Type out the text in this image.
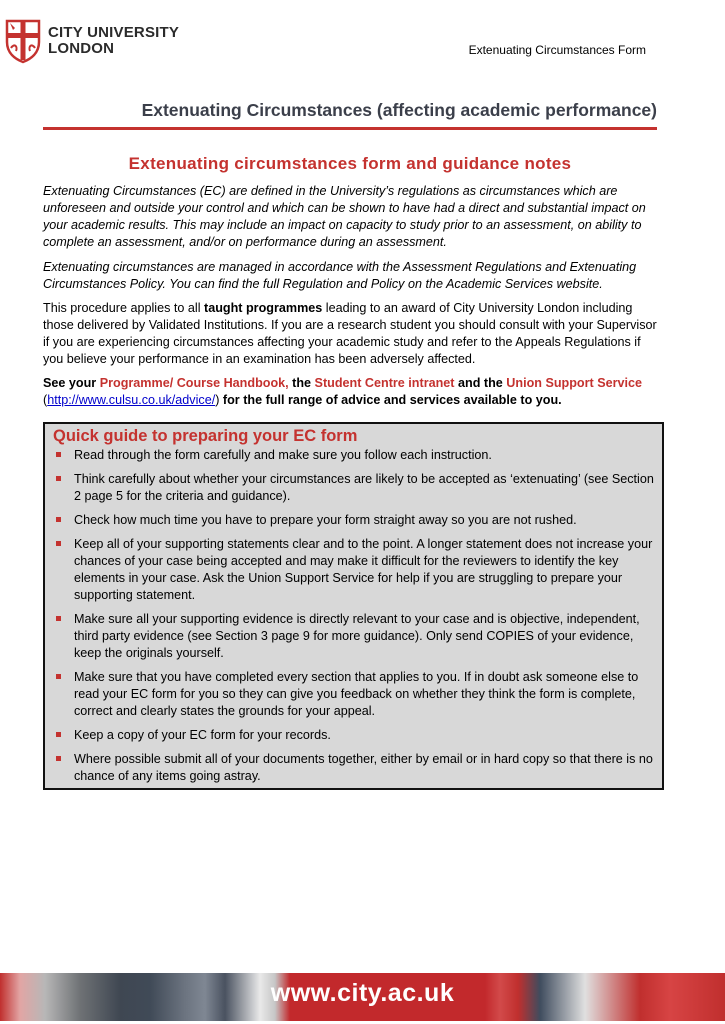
CITY UNIVERSITY
LONDON	Extenuating Circumstances Form
Extenuating Circumstances (affecting academic performance)
Extenuating circumstances form and guidance notes
Extenuating Circumstances (EC) are defined in the University’s regulations as circumstances which are unforeseen and outside your control and which can be shown to have had a direct and substantial impact on your academic results. This may include an impact on capacity to study prior to an assessment, on ability to complete an assessment, and/or on performance during an assessment.
Extenuating circumstances are managed in accordance with the Assessment Regulations and Extenuating Circumstances Policy. You can find the full Regulation and Policy on the Academic Services website.
This procedure applies to all taught programmes leading to an award of City University London including those delivered by Validated Institutions. If you are a research student you should consult with your Supervisor if you are experiencing circumstances affecting your academic study and refer to the Appeals Regulations if you believe your performance in an examination has been adversely affected.
See your Programme/ Course Handbook, the Student Centre intranet and the Union Support Service
(http://www.culsu.co.uk/advice/) for the full range of advice and services available to you.
Quick guide to preparing your EC form
Read through the form carefully and make sure you follow each instruction.
Think carefully about whether your circumstances are likely to be accepted as ‘extenuating’ (see Section 2 page 5 for the criteria and guidance).
Check how much time you have to prepare your form straight away so you are not rushed.
Keep all of your supporting statements clear and to the point. A longer statement does not increase your chances of your case being accepted and may make it difficult for the reviewers to identify the key elements in your case. Ask the Union Support Service for help if you are struggling to prepare your supporting statement.
Make sure all your supporting evidence is directly relevant to your case and is objective, independent, third party evidence (see Section 3 page 9 for more guidance). Only send COPIES of your evidence, keep the originals yourself.
Make sure that you have completed every section that applies to you. If in doubt ask someone else to read your EC form for you so they can give you feedback on whether they think the form is complete, correct and clearly states the grounds for your appeal.
Keep a copy of your EC form for your records.
Where possible submit all of your documents together, either by email or in hard copy so that there is no chance of any items going astray.
www.city.ac.uk
